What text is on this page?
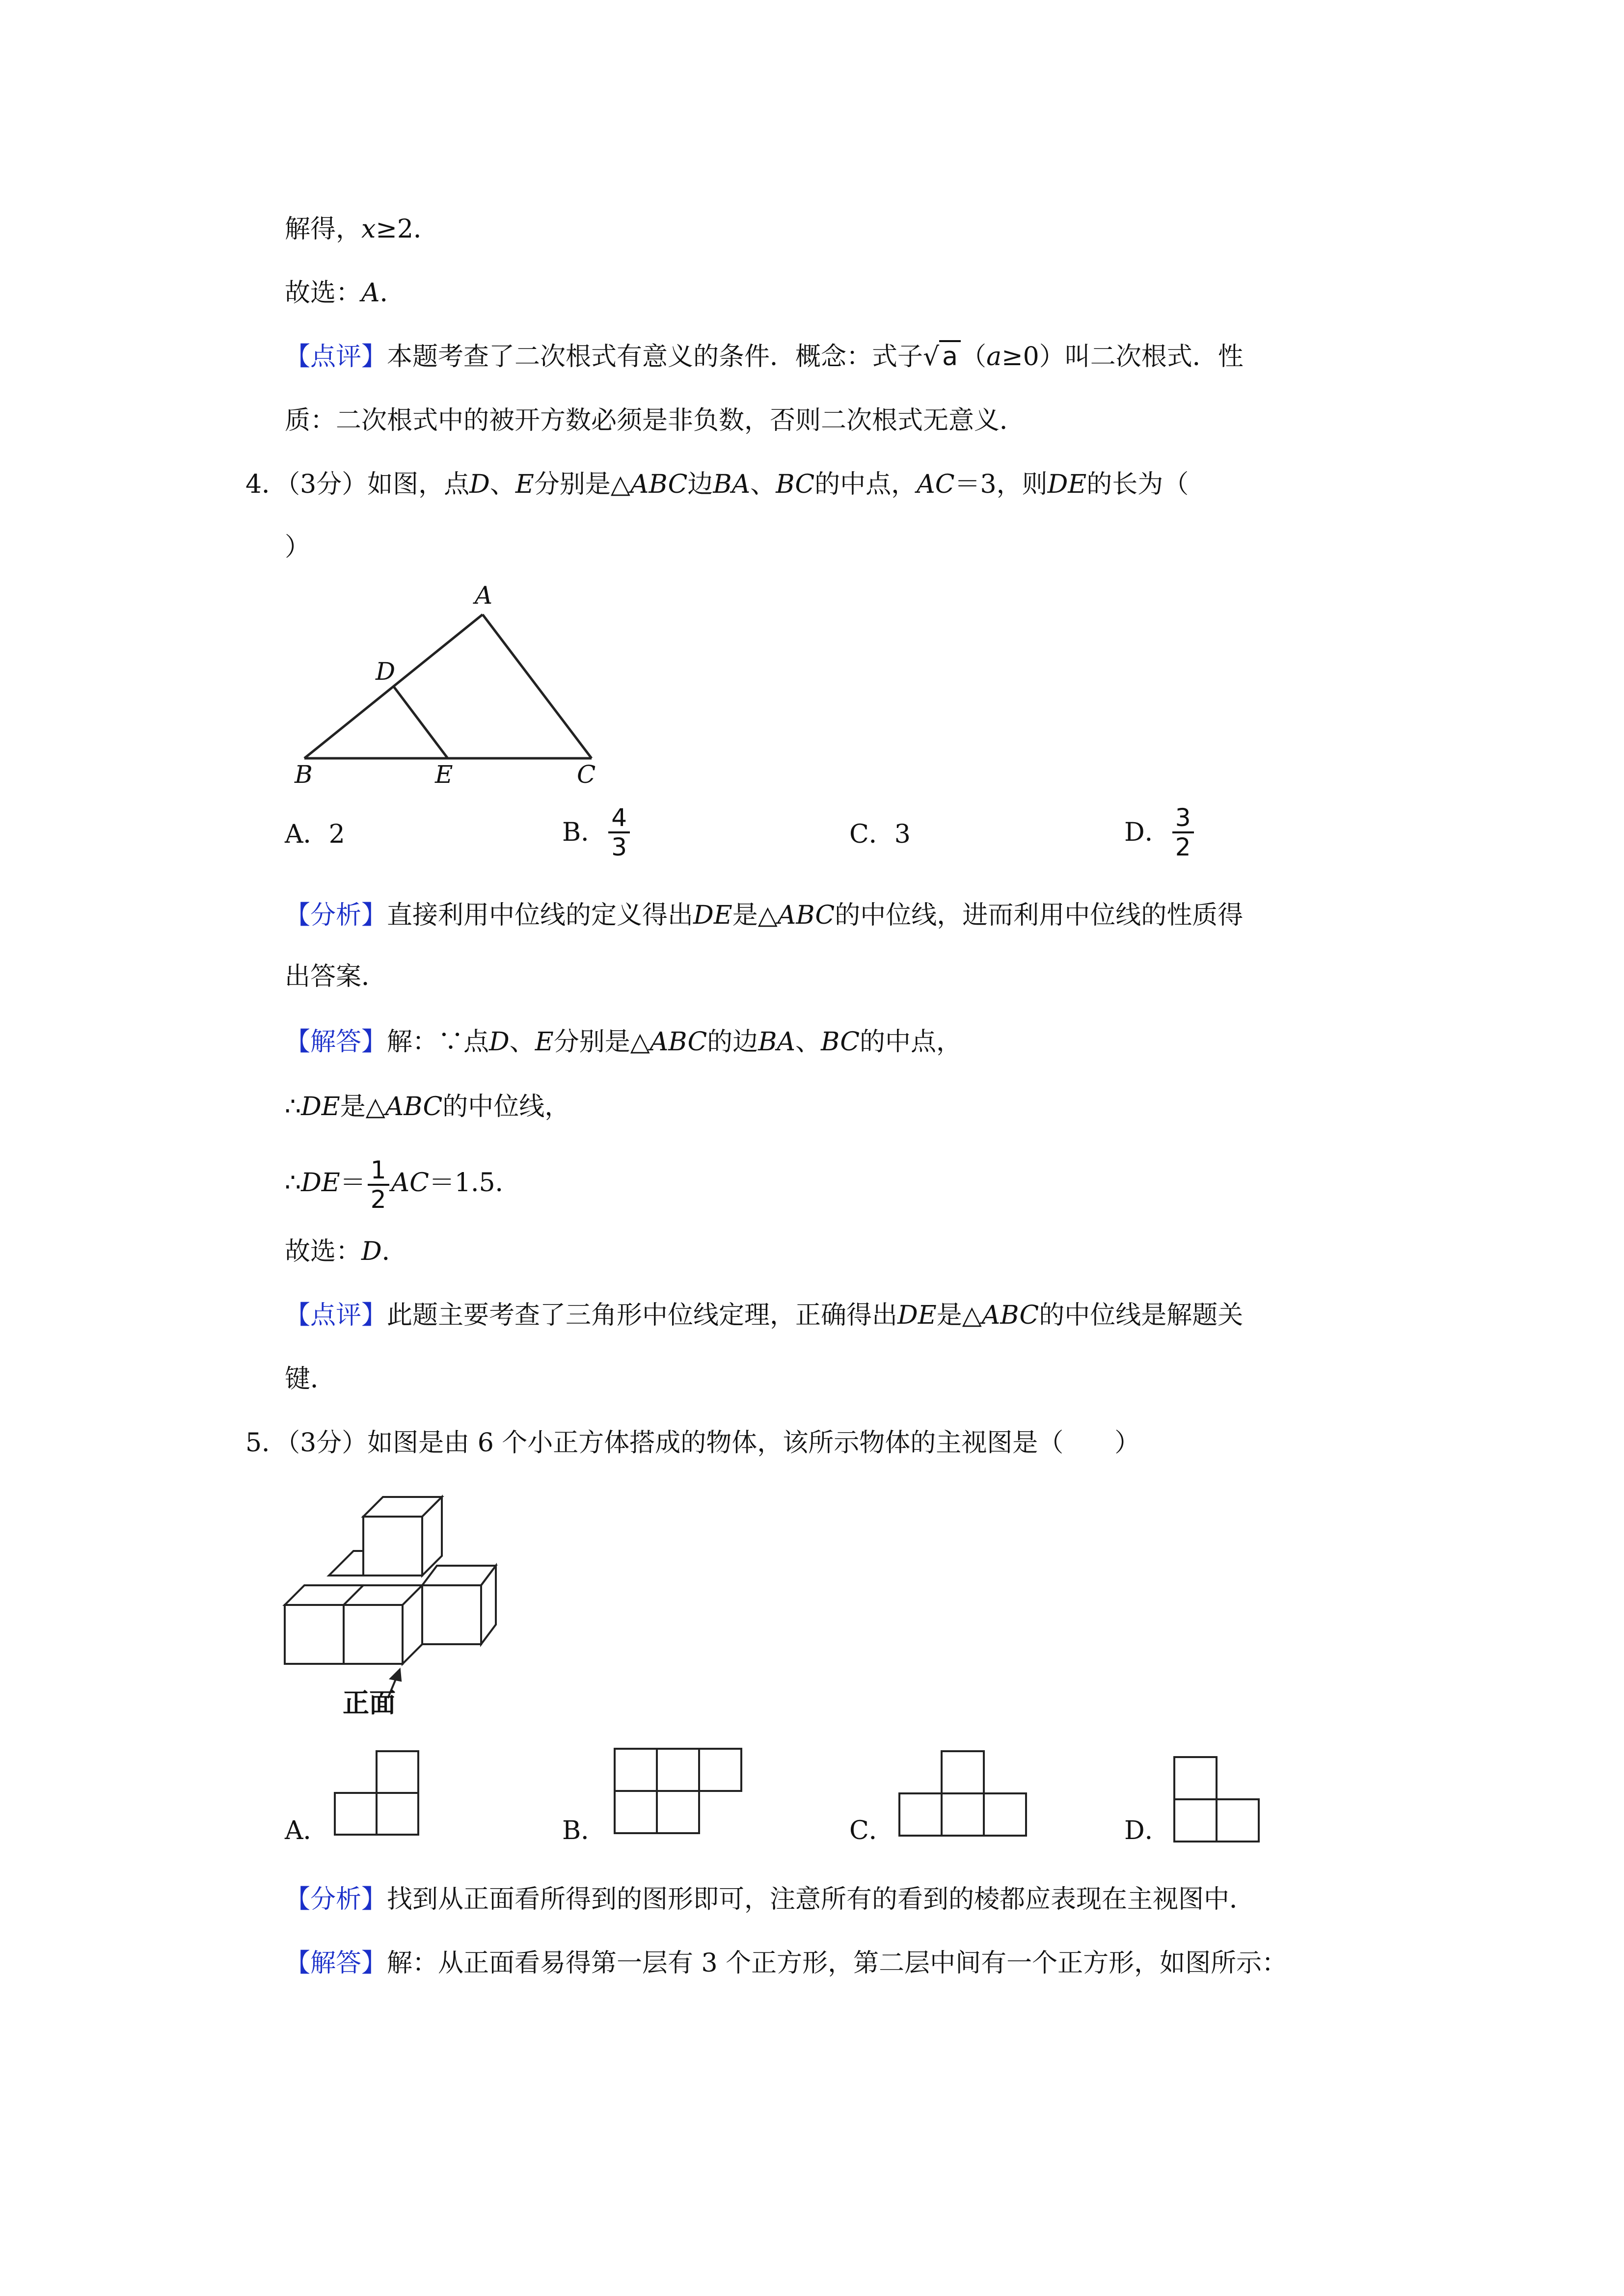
解得，x≥2．
故选：A．
【点评】本题考查了二次根式有意义的条件．概念：式子√ a （a≥0）叫二次根式．性
质：二次根式中的被开方数必须是非负数，否则二次根式无意义．
4．（3分）如图，点D、E分别是△ABC边BA、BC的中点，AC＝3，则DE的长为（
）
A
D
B	E	C
A．2	B． $\frac{4}{3}$	C．3	D． $\frac{3}{2}$
【分析】直接利用中位线的定义得出DE是△ABC的中位线，进而利用中位线的性质得
出答案．
【解答】解：∵点D、E分别是△ABC的边BA、BC的中点，
∴DE是△ABC的中位线，
∴DE＝ $\frac{1}{2} AC=1.5$．
故选：D．
【点评】此题主要考查了三角形中位线定理，正确得出DE是△ABC的中位线是解题关
键．
5．（3分）如图是由 6 个小正方体搭成的物体，该所示物体的主视图是（　　）
正面
A．	B．	C．	D．
【分析】找到从正面看所得到的图形即可，注意所有的看到的棱都应表现在主视图中．
【解答】解：从正面看易得第一层有 3 个正方形，第二层中间有一个正方形，如图所示：
